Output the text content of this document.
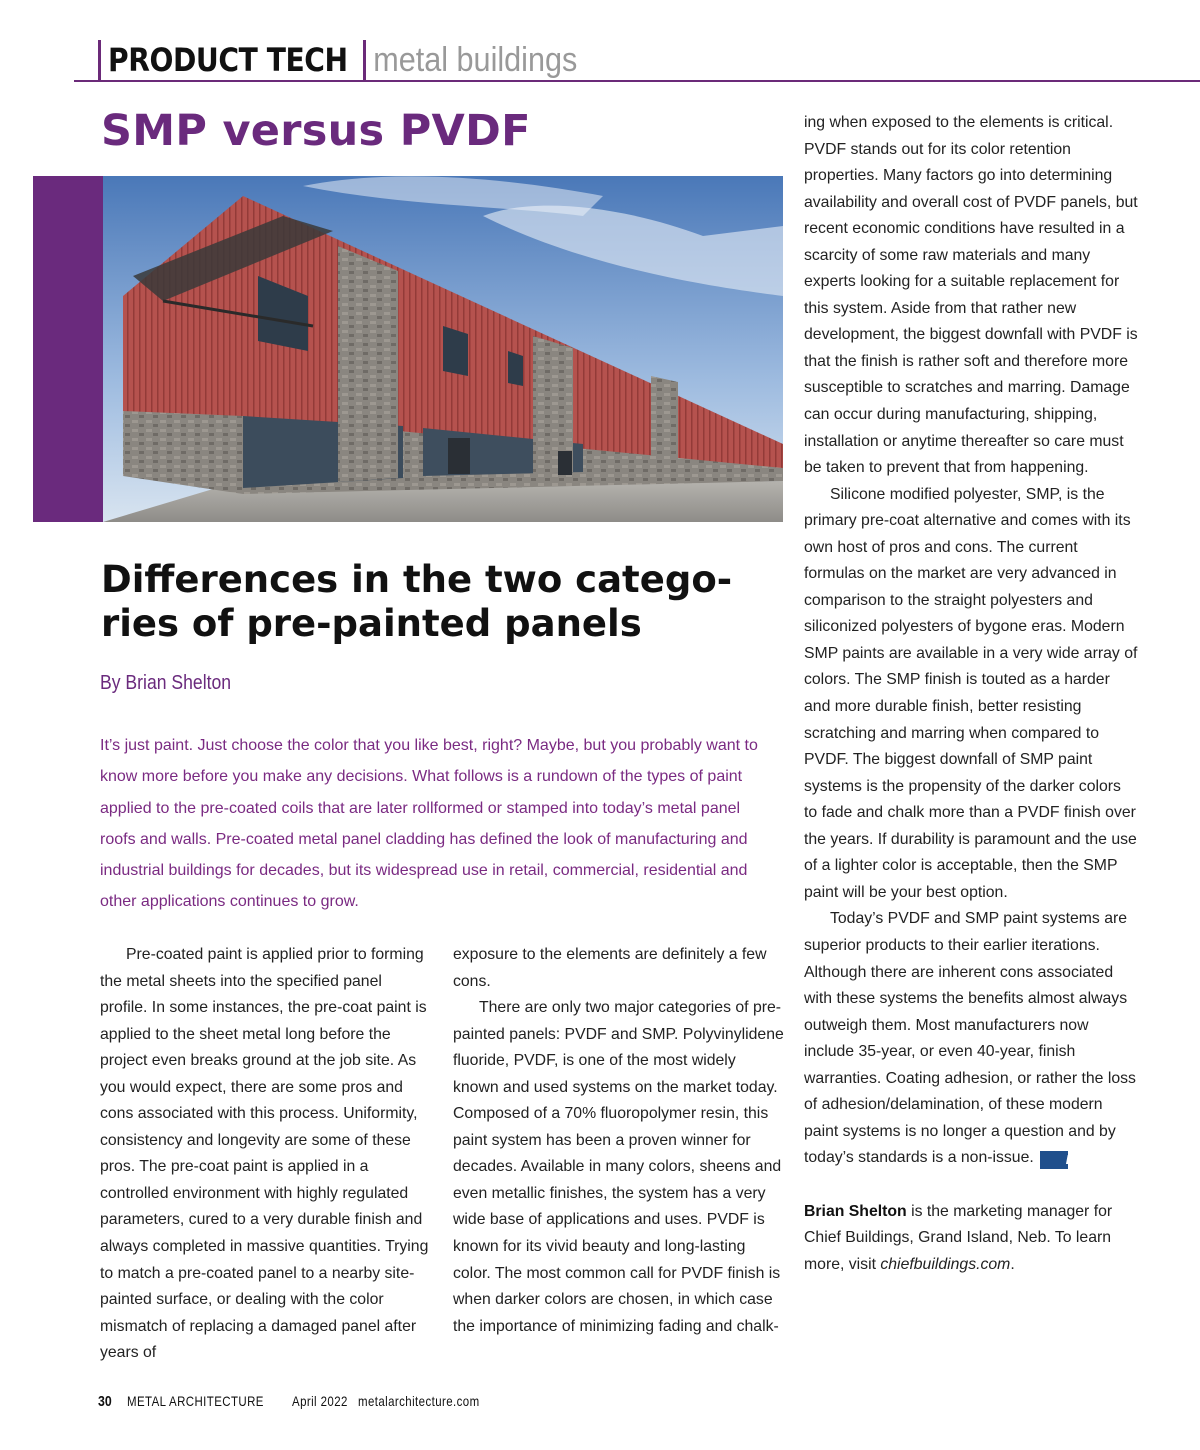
PRODUCT TECH metal buildings
SMP versus PVDF
Differences in the two catego-ries of pre-painted panels
By Brian Shelton

It’s just paint. Just choose the color that you like best, right? Maybe, but you probably want to know more before you make any decisions. What follows is a rundown of the types of paint applied to the pre-coated coils that are later rollformed or stamped into today’s metal panel roofs and walls. Pre-coated metal panel cladding has defined the look of manufacturing and industrial buildings for decades, but its widespread use in retail, commercial, residential and other applications continues to grow.

Pre-coated paint is applied prior to forming the metal sheets into the specified panel profile. In some instances, the pre-coat paint is applied to the sheet metal long before the project even breaks ground at the job site. As you would expect, there are some pros and cons associated with this process. Uniformity, consistency and longevity are some of these pros. The pre-coat paint is applied in a controlled environment with highly regulated parameters, cured to a very durable finish and always completed in massive quantities. Trying to match a pre-coated panel to a nearby site-painted surface, or dealing with the color mismatch of replacing a damaged panel after years of

exposure to the elements are definitely a few cons.

There are only two major categories of pre-painted panels: PVDF and SMP. Polyvinylidene fluoride, PVDF, is one of the most widely known and used systems on the market today. Composed of a 70% fluoropolymer resin, this paint system has been a proven winner for decades. Available in many colors, sheens and even metallic finishes, the system has a very wide base of applications and uses. PVDF is known for its vivid beauty and long-lasting color. The most common call for PVDF finish is when darker colors are chosen, in which case the importance of minimizing fading and chalk-

ing when exposed to the elements is critical. PVDF stands out for its color retention properties. Many factors go into determining availability and overall cost of PVDF panels, but recent economic conditions have resulted in a scarcity of some raw materials and many experts looking for a suitable replacement for this system. Aside from that rather new development, the biggest downfall with PVDF is that the finish is rather soft and therefore more susceptible to scratches and marring. Damage can occur during manufacturing, shipping, installation or anytime thereafter so care must be taken to prevent that from happening.

Silicone modified polyester, SMP, is the primary pre-coat alternative and comes with its own host of pros and cons. The current formulas on the market are very advanced in comparison to the straight polyesters and siliconized polyesters of bygone eras. Modern SMP paints are available in a very wide array of colors. The SMP finish is touted as a harder and more durable finish, better resisting scratching and marring when compared to PVDF. The biggest downfall of SMP paint systems is the propensity of the darker colors to fade and chalk more than a PVDF finish over the years. If durability is paramount and the use of a lighter color is acceptable, then the SMP paint will be your best option.

Today’s PVDF and SMP paint systems are superior products to their earlier iterations. Although there are inherent cons associated with these systems the benefits almost always outweigh them. Most manufacturers now include 35-year, or even 40-year, finish warranties. Coating adhesion, or rather the loss of adhesion/delamination, of these modern paint systems is no longer a question and by today’s standards is a non-issue.	MA

Brian Shelton is the marketing manager for Chief Buildings, Grand Island, Neb. To learn more, visit chiefbuildings.com.

30 METAL ARCHITECTURE April 2022 metalarchitecture.com
